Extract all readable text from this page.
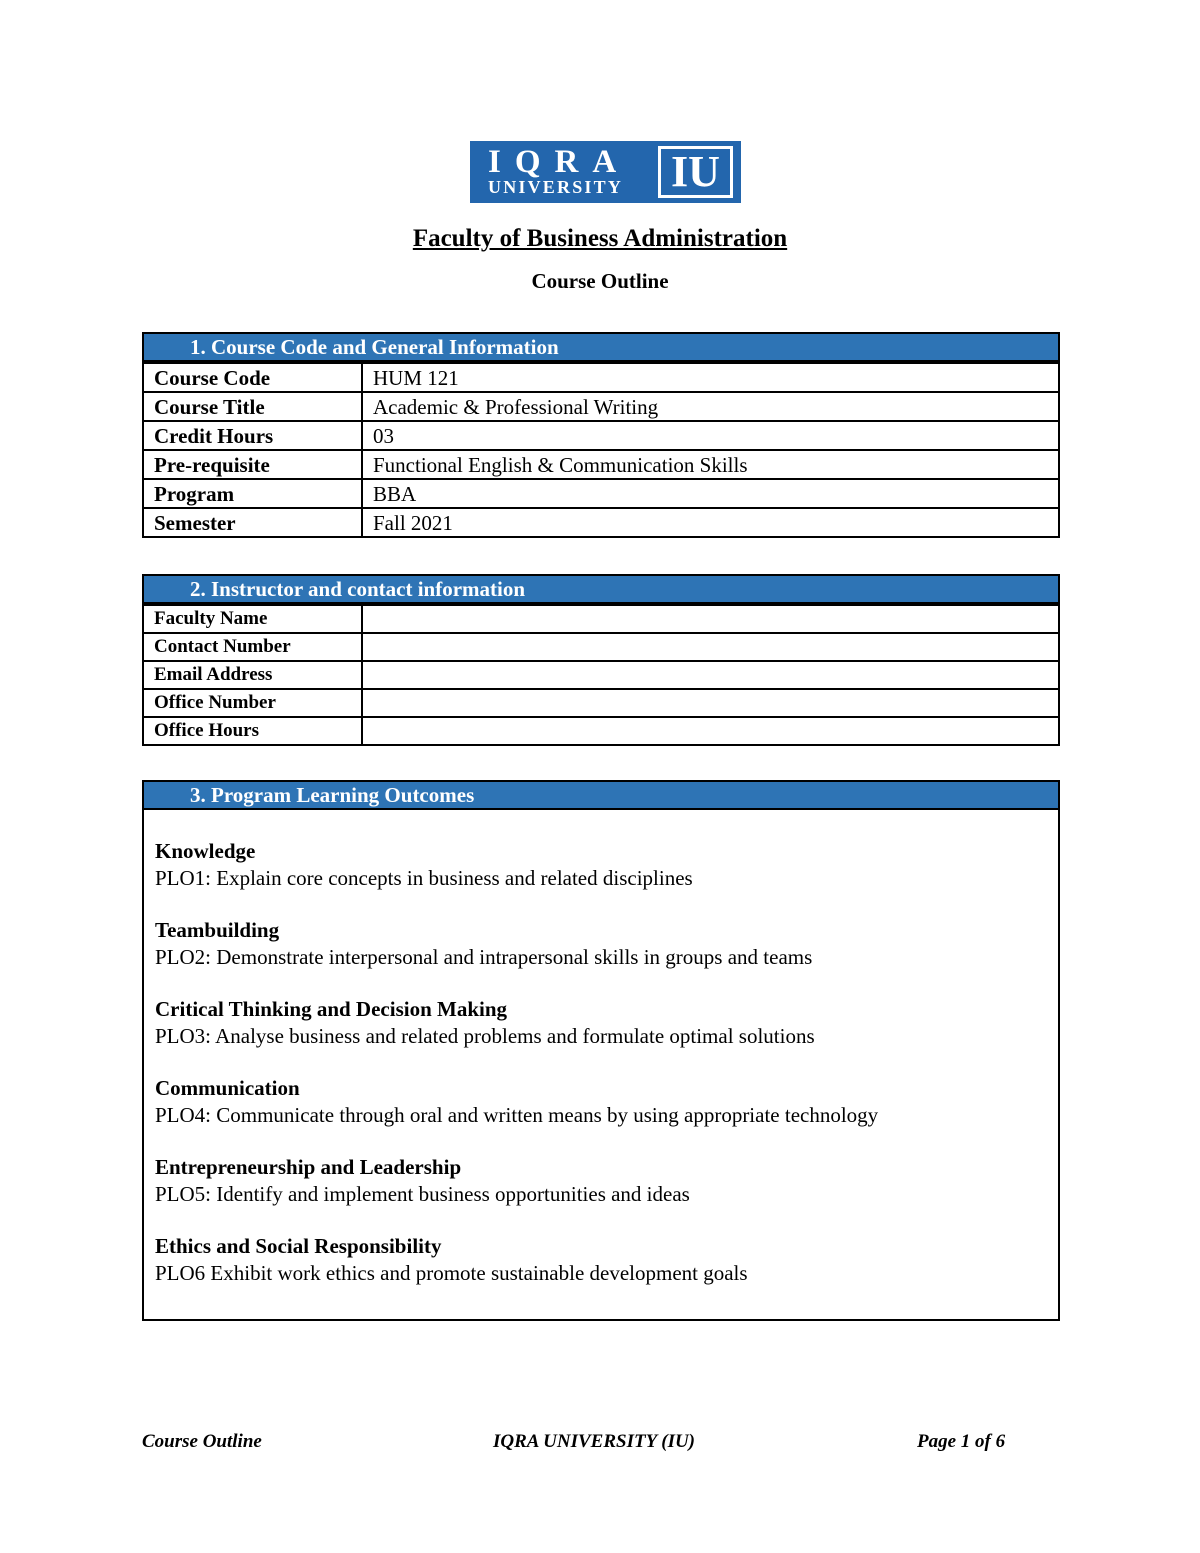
IQRA
UNIVERSITY IU
Faculty of Business Administration
Course Outline
1. Course Code and General Information
Course Code	HUM 121
Course Title	Academic & Professional Writing
Credit Hours	03
Pre-requisite	Functional English & Communication Skills
Program	BBA
Semester	Fall 2021
2. Instructor and contact information
Faculty Name	
Contact Number	
Email Address	
Office Number	
Office Hours	
3. Program Learning Outcomes
Knowledge
PLO1: Explain core concepts in business and related disciplines
Teambuilding
PLO2: Demonstrate interpersonal and intrapersonal skills in groups and teams
Critical Thinking and Decision Making
PLO3: Analyse business and related problems and formulate optimal solutions
Communication
PLO4: Communicate through oral and written means by using appropriate technology
Entrepreneurship and Leadership
PLO5: Identify and implement business opportunities and ideas
Ethics and Social Responsibility
PLO6 Exhibit work ethics and promote sustainable development goals
Course Outline	IQRA UNIVERSITY (IU)	Page 1 of 6
